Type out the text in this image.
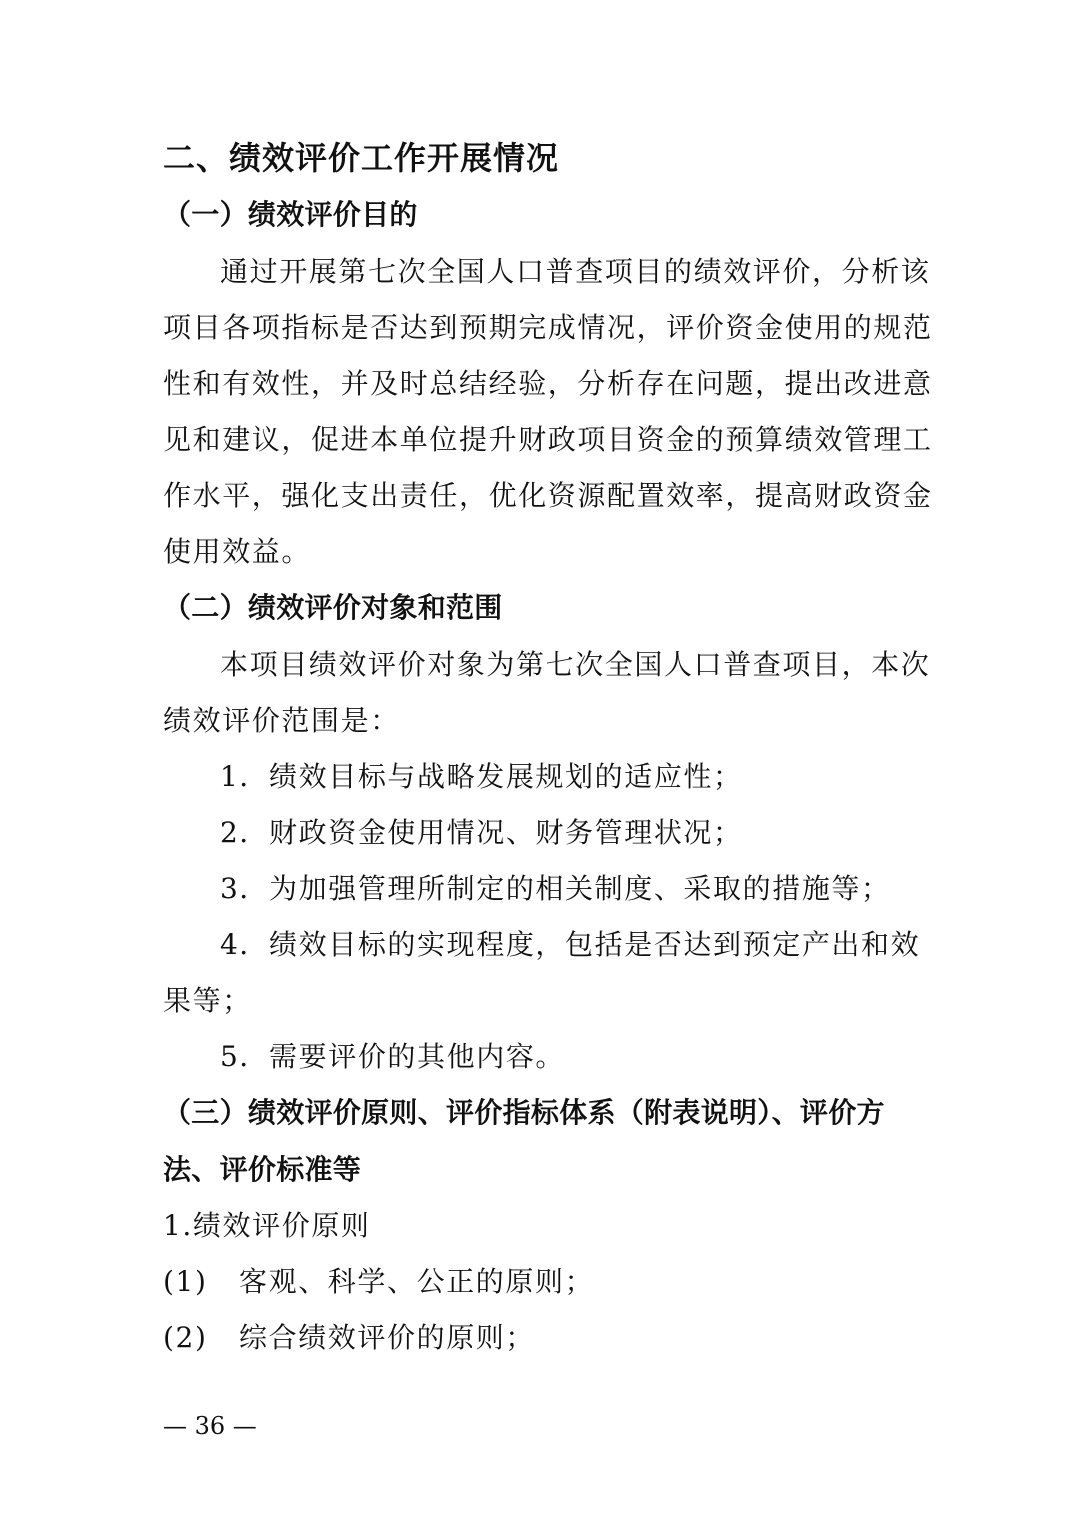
二、绩效评价工作开展情况
（一）绩效评价目的
通过开展第七次全国人口普查项目的绩效评价，分析该
项目各项指标是否达到预期完成情况，评价资金使用的规范
性和有效性，并及时总结经验，分析存在问题，提出改进意
见和建议，促进本单位提升财政项目资金的预算绩效管理工
作水平，强化支出责任，优化资源配置效率，提高财政资金
使用效益。
（二）绩效评价对象和范围
本项目绩效评价对象为第七次全国人口普查项目，本次
绩效评价范围是：
1．绩效目标与战略发展规划的适应性；
2．财政资金使用情况、财务管理状况；
3．为加强管理所制定的相关制度、采取的措施等；
4．绩效目标的实现程度，包括是否达到预定产出和效
果等；
5．需要评价的其他内容。
（三）绩效评价原则、评价指标体系（附表说明）、评价方
法、评价标准等
1.绩效评价原则
(1) 客观、科学、公正的原则；
(2) 综合绩效评价的原则；
— 36 —
